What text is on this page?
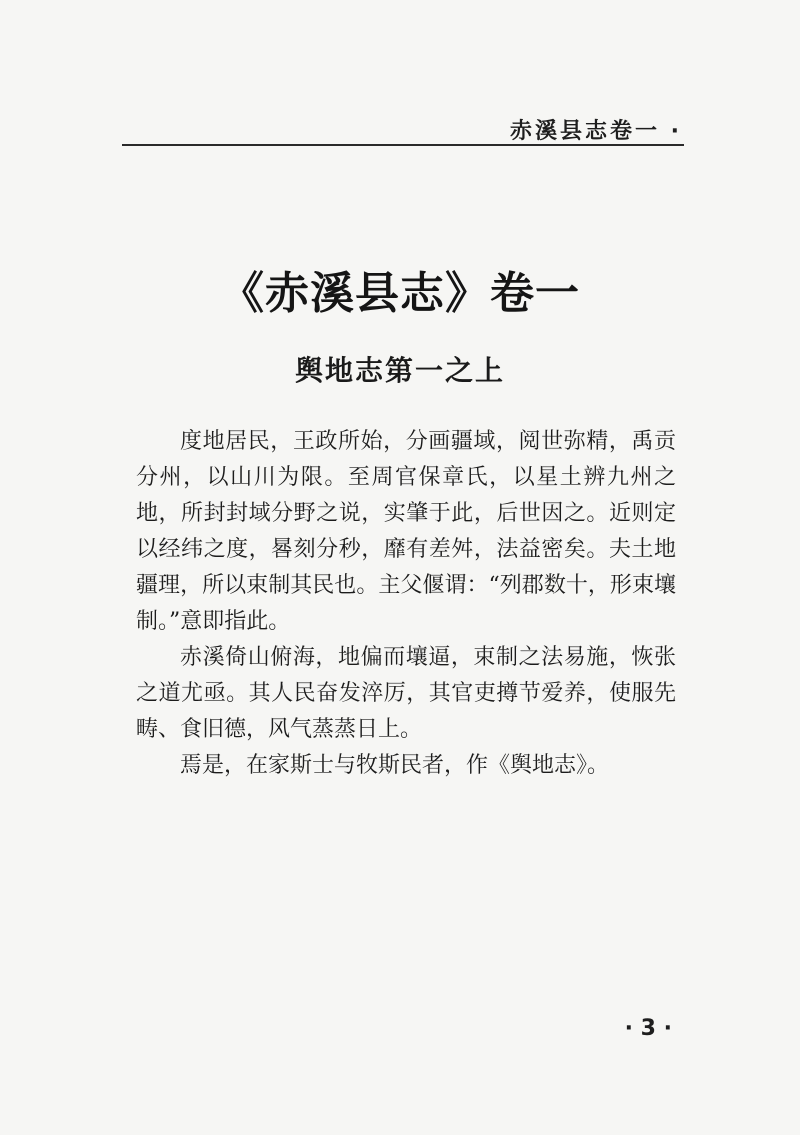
赤溪县志卷一 ·
《赤溪县志》卷一
舆地志第一之上

度地居民，王政所始，分画疆域，阅世弥精，禹贡分州，以山川为限。至周官保章氏，以星土辨九州之地，所封封域分野之说，实肇于此，后世因之。近则定以经纬之度，晷刻分秒，靡有差舛，法益密矣。夫土地疆理，所以束制其民也。主父偃谓：“列郡数十，形束壤制。”意即指此。

赤溪倚山俯海，地偏而壤逼，束制之法易施，恢张之道尤亟。其人民奋发淬厉，其官吏撙节爱养，使服先畴、食旧德，风气蒸蒸日上。

焉是，在家斯士与牧斯民者，作《舆地志》。

· 3 ·
